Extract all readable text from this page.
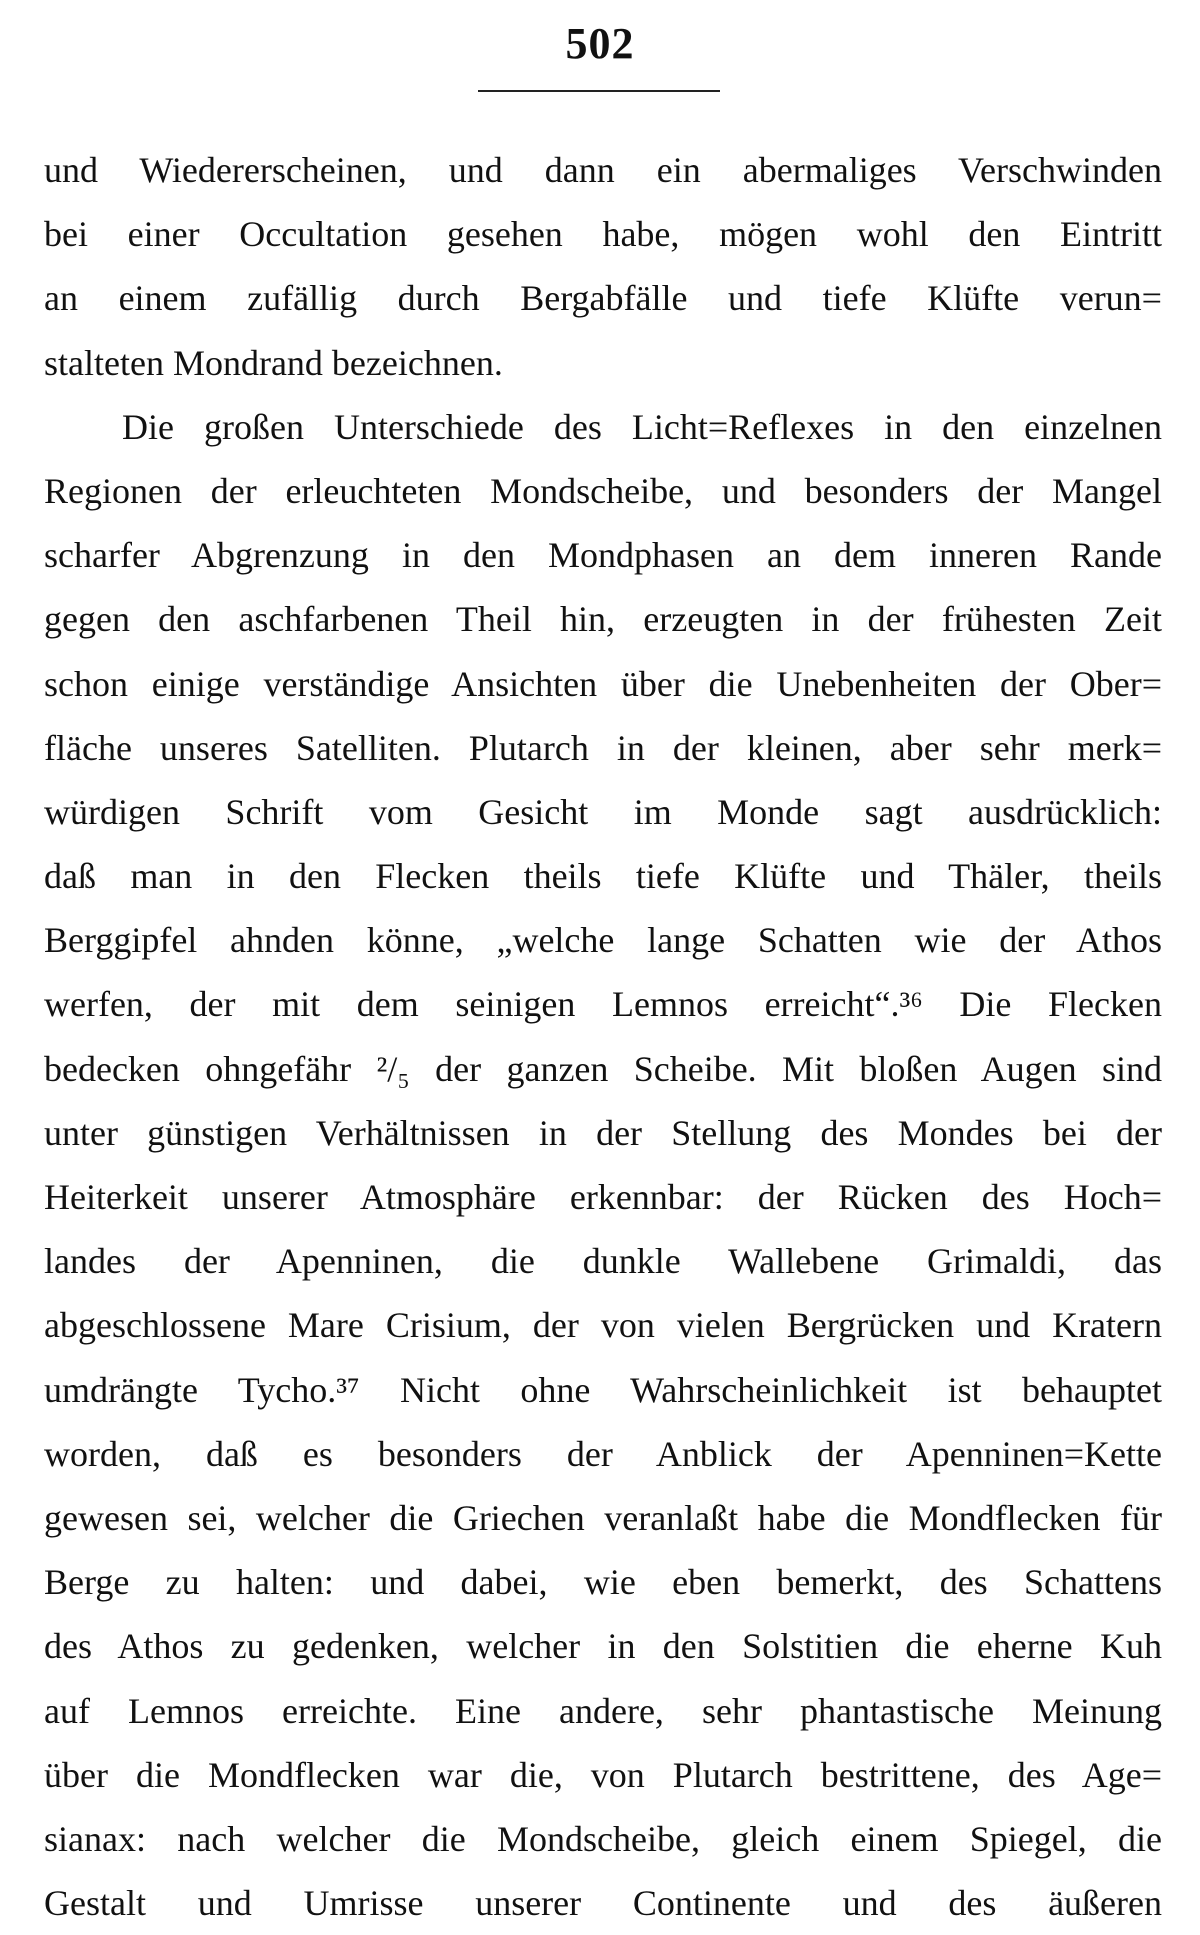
502
und Wiedererscheinen, und dann ein abermaliges Verschwinden
bei einer Occultation gesehen habe, mögen wohl den Eintritt
an einem zufällig durch Bergabfälle und tiefe Klüfte verun=
stalteten Mondrand bezeichnen.
Die großen Unterschiede des Licht=Reflexes in den einzelnen
Regionen der erleuchteten Mondscheibe, und besonders der Mangel
scharfer Abgrenzung in den Mondphasen an dem inneren Rande
gegen den aschfarbenen Theil hin, erzeugten in der frühesten Zeit
schon einige verständige Ansichten über die Unebenheiten der Ober=
fläche unseres Satelliten. Plutarch in der kleinen, aber sehr merk=
würdigen Schrift vom Gesicht im Monde sagt ausdrücklich:
daß man in den Flecken theils tiefe Klüfte und Thäler, theils
Berggipfel ahnden könne, „welche lange Schatten wie der Athos
werfen, der mit dem seinigen Lemnos erreicht“.³⁶ Die Flecken
bedecken ohngefähr ²/₅ der ganzen Scheibe. Mit bloßen Augen sind
unter günstigen Verhältnissen in der Stellung des Mondes bei der
Heiterkeit unserer Atmosphäre erkennbar: der Rücken des Hoch=
landes der Apenninen, die dunkle Wallebene Grimaldi, das
abgeschlossene Mare Crisium, der von vielen Bergrücken und Kratern
umdrängte Tycho.³⁷ Nicht ohne Wahrscheinlichkeit ist behauptet
worden, daß es besonders der Anblick der Apenninen=Kette
gewesen sei, welcher die Griechen veranlaßt habe die Mondflecken für
Berge zu halten: und dabei, wie eben bemerkt, des Schattens
des Athos zu gedenken, welcher in den Solstitien die eherne Kuh
auf Lemnos erreichte. Eine andere, sehr phantastische Meinung
über die Mondflecken war die, von Plutarch bestrittene, des Age=
sianax: nach welcher die Mondscheibe, gleich einem Spiegel, die
Gestalt und Umrisse unserer Continente und des äußeren
